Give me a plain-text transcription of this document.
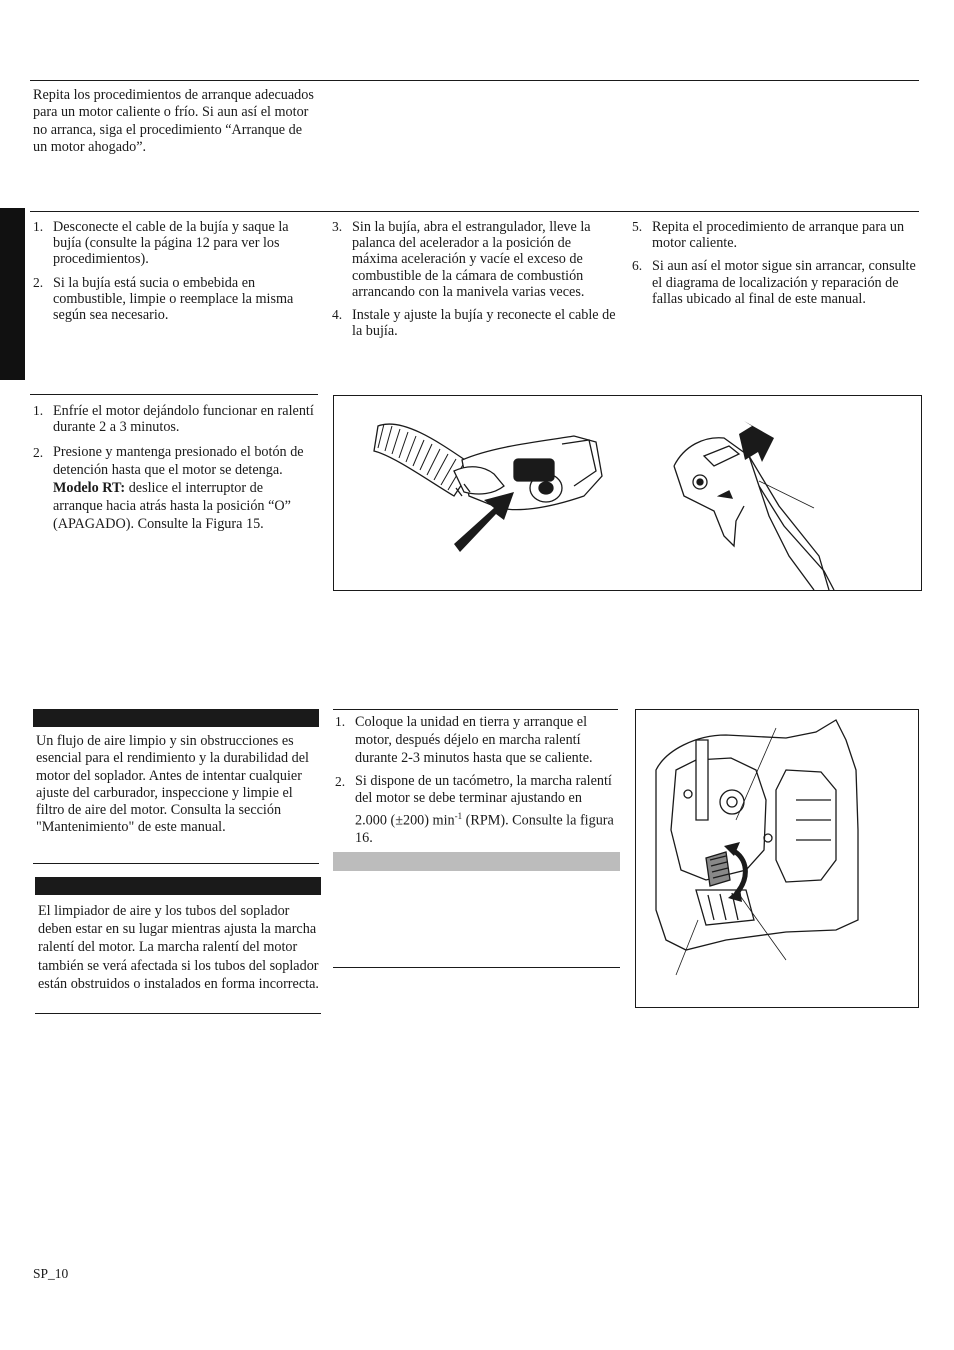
Repita los procedimientos de arranque adecuados para un motor caliente o frío. Si aun así el motor no arranca, siga el procedimiento “Arranque de un motor ahogado”.

1. Desconecte el cable de la bujía y saque la bujía (consulte la página 12 para ver los procedimientos).
2. Si la bujía está sucia o embebida en combustible, limpie o reemplace la misma según sea necesario.
3. Sin la bujía, abra el estrangulador, lleve la palanca del acelerador a la posición de máxima aceleración y vacíe el exceso de combustible de la cámara de combustión arrancando con la manivela varias veces.
4. Instale y ajuste la bujía y reconecte el cable de la bujía.
5. Repita el procedimiento de arranque para un motor caliente.
6. Si aun así el motor sigue sin arrancar, consulte el diagrama de localización y reparación de fallas ubicado al final de este manual.
1. Enfríe el motor dejándolo funcionar en ralentí durante 2 a 3 minutos.
2. Presione y mantenga presionado el botón de detención hasta que el motor se detenga. Modelo RT: deslice el interruptor de arranque hacia atrás hasta la posición “O” (APAGADO). Consulte la Figura 15.

Un flujo de aire limpio y sin obstrucciones es esencial para el rendimiento y la durabilidad del motor del soplador. Antes de intentar cualquier ajuste del carburador, inspeccione y limpie el filtro de aire del motor. Consulta la sección "Mantenimiento" de este manual.

El limpiador de aire y los tubos del soplador deben estar en su lugar mientras ajusta la marcha ralentí del motor. La marcha ralentí del motor también se verá afectada si los tubos del soplador están obstruidos o instalados en forma incorrecta.

1. Coloque la unidad en tierra y arranque el motor, después déjelo en marcha ralentí durante 2-3 minutos hasta que se caliente.
2. Si dispone de un tacómetro, la marcha ralentí del motor se debe terminar ajustando en 2.000 (±200) $\min^{-1} (RPM)$. Consulte la figura 16.
SP_10
